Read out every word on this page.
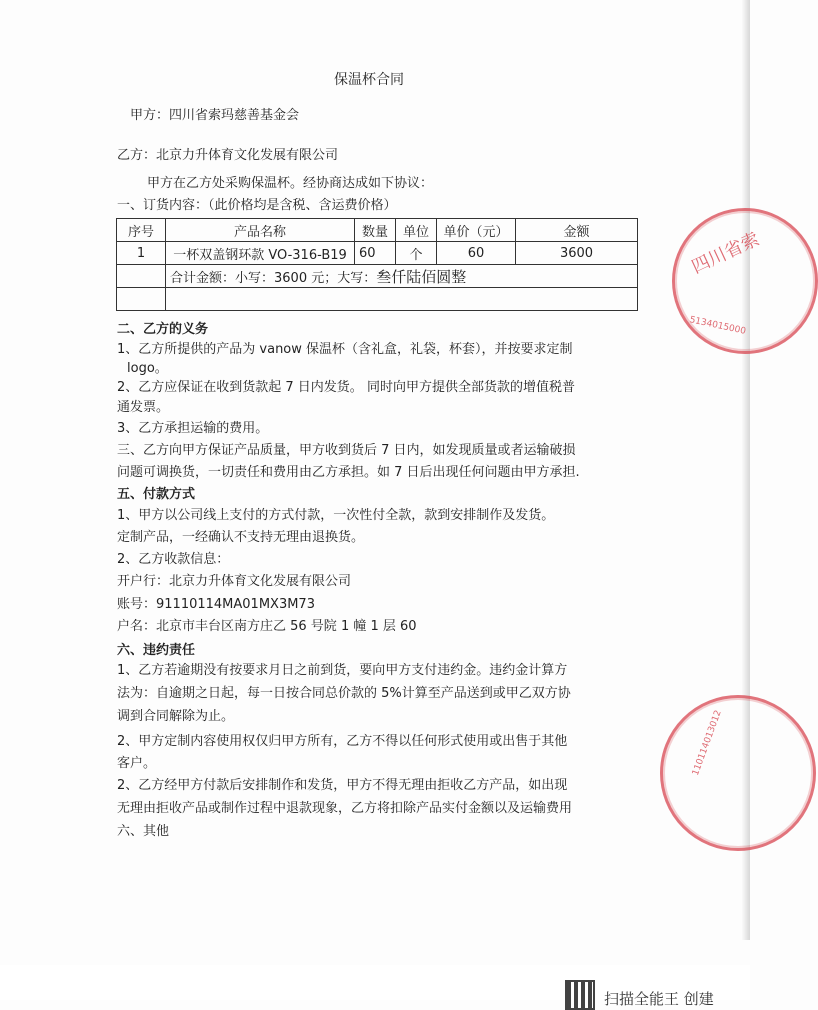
保温杯合同
甲方：四川省索玛慈善基金会
乙方：北京力升体育文化发展有限公司
甲方在乙方处采购保温杯。经协商达成如下协议：
一、订货内容：（此价格均是含税、含运费价格）
序号	产品名称	数量	单位	单价（元）	金额
1	一杯双盖钢环款 VO-316-B19	60	个	60	3600
	合计金额：小写：3600 元；大写：叁仟陆佰圆整				

二、乙方的义务
1、乙方所提供的产品为 vanow 保温杯（含礼盒，礼袋，杯套），并按要求定制
logo。
2、乙方应保证在收到货款起 7 日内发货。 同时向甲方提供全部货款的增值税普
通发票。
3、乙方承担运输的费用。
三、乙方向甲方保证产品质量，甲方收到货后 7 日内，如发现质量或者运输破损
问题可调换货，一切责任和费用由乙方承担。如 7 日后出现任何问题由甲方承担.
五、付款方式
1、甲方以公司线上支付的方式付款，一次性付全款，款到安排制作及发货。
定制产品，一经确认不支持无理由退换货。
2、乙方收款信息：
开户行：北京力升体育文化发展有限公司
账号：91110114MA01MX3M73
户名：北京市丰台区南方庄乙 56 号院 1 幢 1 层 60
六、违约责任
1、乙方若逾期没有按要求月日之前到货，要向甲方支付违约金。违约金计算方
法为：自逾期之日起，每一日按合同总价款的 5%计算至产品送到或甲乙双方协
调到合同解除为止。
2、甲方定制内容使用权仅归甲方所有，乙方不得以任何形式使用或出售于其他
客户。
2、乙方经甲方付款后安排制作和发货，甲方不得无理由拒收乙方产品，如出现
无理由拒收产品或制作过程中退款现象，乙方将扣除产品实付金额以及运输费用
六、其他
四川省索
5134015000
110114013012
扫描全能王 创建
